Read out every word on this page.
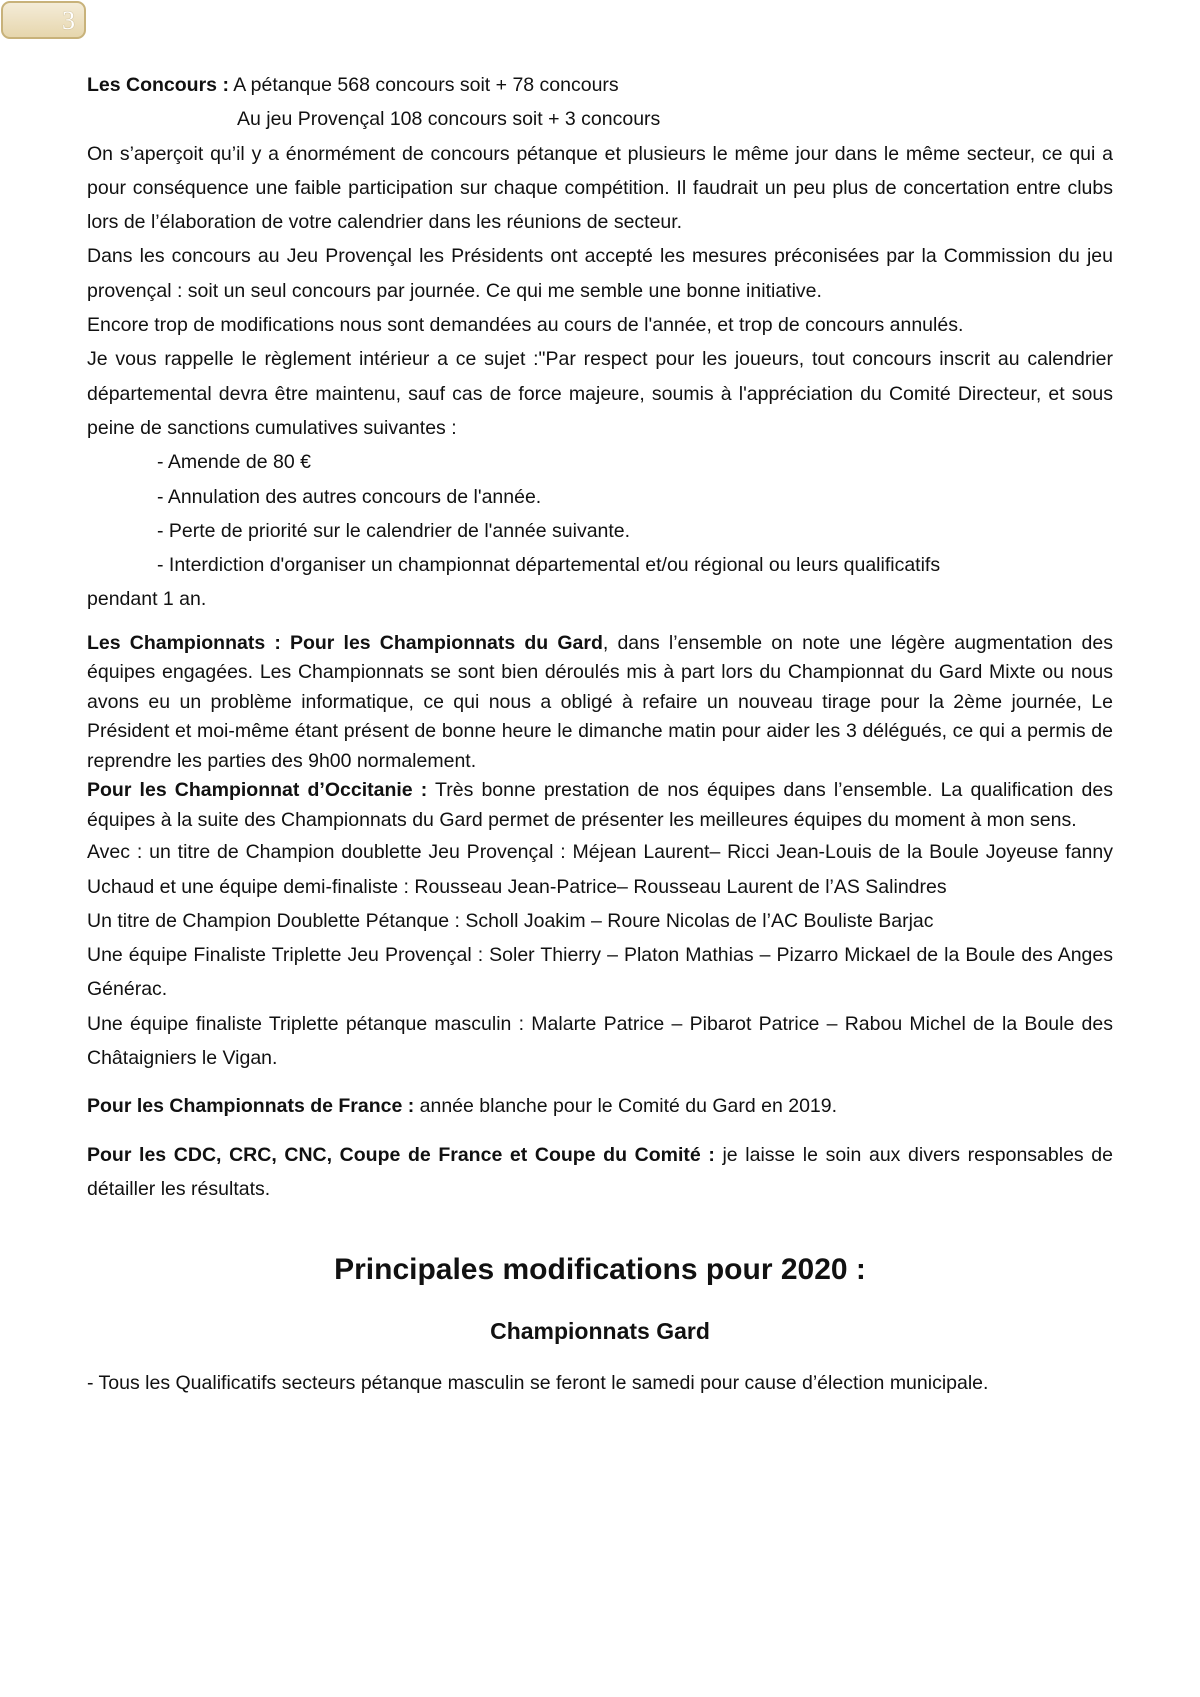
3

Les Concours : A pétanque 568 concours soit + 78 concours

Au jeu Provençal 108 concours soit + 3 concours

On s’aperçoit qu’il y a énormément de concours pétanque et plusieurs le même jour dans le même secteur, ce qui a pour conséquence une faible participation sur chaque compétition. Il faudrait un peu plus de concertation entre clubs lors de l’élaboration de votre calendrier dans les réunions de secteur.

Dans les concours au Jeu Provençal les Présidents ont accepté les mesures préconisées par la Commission du jeu provençal : soit un seul concours par journée. Ce qui me semble une bonne initiative.

Encore trop de modifications nous sont demandées au cours de l'année, et trop de concours annulés.

Je vous rappelle le règlement intérieur a ce sujet :"Par respect pour les joueurs, tout concours inscrit au calendrier départemental devra être maintenu, sauf cas de force majeure, soumis à l'appréciation du Comité Directeur, et sous peine de sanctions cumulatives suivantes :

- Amende de 80 €

- Annulation des autres concours de l'année.

- Perte de priorité sur le calendrier de l'année suivante.

- Interdiction d'organiser un championnat départemental et/ou régional ou leurs qualificatifs

pendant 1 an.

Les Championnats : Pour les Championnats du Gard, dans l’ensemble on note une légère augmentation des équipes engagées. Les Championnats se sont bien déroulés mis à part lors du Championnat du Gard Mixte ou nous avons eu un problème informatique, ce qui nous a obligé à refaire un nouveau tirage pour la 2ème journée, Le Président et moi-même étant présent de bonne heure le dimanche matin pour aider les 3 délégués, ce qui a permis de reprendre les parties des 9h00 normalement.

Pour les Championnat d’Occitanie : Très bonne prestation de nos équipes dans l’ensemble. La qualification des équipes à la suite des Championnats du Gard permet de présenter les meilleures équipes du moment à mon sens.

Avec : un titre de Champion doublette Jeu Provençal : Méjean Laurent– Ricci Jean-Louis de la Boule Joyeuse fanny Uchaud et une équipe demi-finaliste : Rousseau Jean-Patrice– Rousseau Laurent de l’AS Salindres

Un titre de Champion Doublette Pétanque : Scholl Joakim – Roure Nicolas de l’AC Bouliste Barjac

Une équipe Finaliste Triplette Jeu Provençal : Soler Thierry – Platon Mathias – Pizarro Mickael de la Boule des Anges Générac.

Une équipe finaliste Triplette pétanque masculin : Malarte Patrice – Pibarot Patrice – Rabou Michel de la Boule des Châtaigniers le Vigan.

Pour les Championnats de France : année blanche pour le Comité du Gard en 2019.

Pour les CDC, CRC, CNC, Coupe de France et Coupe du Comité : je laisse le soin aux divers responsables de détailler les résultats.

Principales modifications pour 2020 :
Championnats Gard

- Tous les Qualificatifs secteurs pétanque masculin se feront le samedi pour cause d’élection municipale.
